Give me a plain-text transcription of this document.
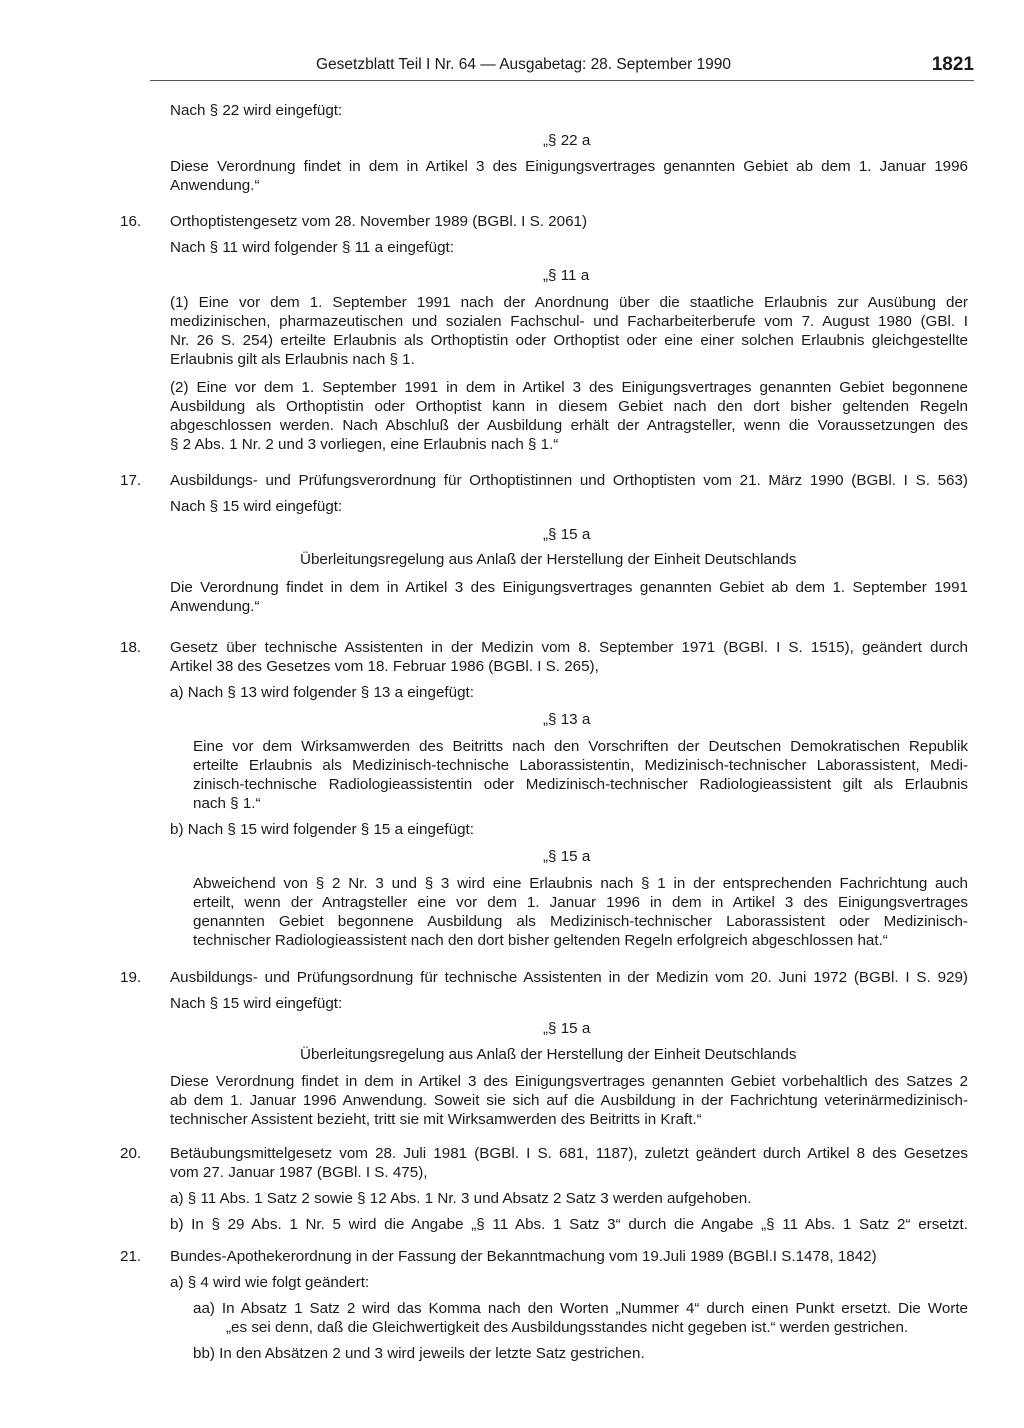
Gesetzblatt Teil I Nr. 64 — Ausgabetag: 28. September 1990	1821
Nach § 22 wird eingefügt:
„§ 22 a
Diese Verordnung findet in dem in Artikel 3 des Einigungsvertrages genannten Gebiet ab dem 1. Januar 1996
Anwendung.“
16. Orthoptistengesetz vom 28. November 1989 (BGBl. I S. 2061)
Nach § 11 wird folgender § 11 a eingefügt:
„§ 11 a
(1) Eine vor dem 1. September 1991 nach der Anordnung über die staatliche Erlaubnis zur Ausübung der
medizinischen, pharmazeutischen und sozialen Fachschul- und Facharbeiterberufe vom 7. August 1980 (GBl. I
Nr. 26 S. 254) erteilte Erlaubnis als Orthoptistin oder Orthoptist oder eine einer solchen Erlaubnis gleichgestellte
Erlaubnis gilt als Erlaubnis nach § 1.
(2) Eine vor dem 1. September 1991 in dem in Artikel 3 des Einigungsvertrages genannten Gebiet begonnene
Ausbildung als Orthoptistin oder Orthoptist kann in diesem Gebiet nach den dort bisher geltenden Regeln
abgeschlossen werden. Nach Abschluß der Ausbildung erhält der Antragsteller, wenn die Voraussetzungen des
§ 2 Abs. 1 Nr. 2 und 3 vorliegen, eine Erlaubnis nach § 1.“
17. Ausbildungs- und Prüfungsverordnung für Orthoptistinnen und Orthoptisten vom 21. März 1990 (BGBl. I S. 563)
Nach § 15 wird eingefügt:
„§ 15 a
Überleitungsregelung aus Anlaß der Herstellung der Einheit Deutschlands
Die Verordnung findet in dem in Artikel 3 des Einigungsvertrages genannten Gebiet ab dem 1. September 1991
Anwendung.“
18. Gesetz über technische Assistenten in der Medizin vom 8. September 1971 (BGBl. I S. 1515), geändert durch
Artikel 38 des Gesetzes vom 18. Februar 1986 (BGBl. I S. 265),
a) Nach § 13 wird folgender § 13 a eingefügt:
„§ 13 a
Eine vor dem Wirksamwerden des Beitritts nach den Vorschriften der Deutschen Demokratischen Republik
erteilte Erlaubnis als Medizinisch-technische Laborassistentin, Medizinisch-technischer Laborassistent, Medi-
zinisch-technische Radiologieassistentin oder Medizinisch-technischer Radiologieassistent gilt als Erlaubnis
nach § 1.“
b) Nach § 15 wird folgender § 15 a eingefügt:
„§ 15 a
Abweichend von § 2 Nr. 3 und § 3 wird eine Erlaubnis nach § 1 in der entsprechenden Fachrichtung auch
erteilt, wenn der Antragsteller eine vor dem 1. Januar 1996 in dem in Artikel 3 des Einigungsvertrages
genannten Gebiet begonnene Ausbildung als Medizinisch-technischer Laborassistent oder Medizinisch-
technischer Radiologieassistent nach den dort bisher geltenden Regeln erfolgreich abgeschlossen hat.“
19. Ausbildungs- und Prüfungsordnung für technische Assistenten in der Medizin vom 20. Juni 1972 (BGBl. I S. 929)
Nach § 15 wird eingefügt:
„§ 15 a
Überleitungsregelung aus Anlaß der Herstellung der Einheit Deutschlands
Diese Verordnung findet in dem in Artikel 3 des Einigungsvertrages genannten Gebiet vorbehaltlich des Satzes 2
ab dem 1. Januar 1996 Anwendung. Soweit sie sich auf die Ausbildung in der Fachrichtung veterinärmedizinisch-
technischer Assistent bezieht, tritt sie mit Wirksamwerden des Beitritts in Kraft.“
20. Betäubungsmittelgesetz vom 28. Juli 1981 (BGBl. I S. 681, 1187), zuletzt geändert durch Artikel 8 des Gesetzes
vom 27. Januar 1987 (BGBl. I S. 475),
a) § 11 Abs. 1 Satz 2 sowie § 12 Abs. 1 Nr. 3 und Absatz 2 Satz 3 werden aufgehoben.
b) In § 29 Abs. 1 Nr. 5 wird die Angabe „§ 11 Abs. 1 Satz 3“ durch die Angabe „§ 11 Abs. 1 Satz 2“ ersetzt.
21. Bundes-Apothekerordnung in der Fassung der Bekanntmachung vom 19.Juli 1989 (BGBl.I S.1478, 1842)
a) § 4 wird wie folgt geändert:
aa) In Absatz 1 Satz 2 wird das Komma nach den Worten „Nummer 4“ durch einen Punkt ersetzt. Die Worte
„es sei denn, daß die Gleichwertigkeit des Ausbildungsstandes nicht gegeben ist.“ werden gestrichen.
bb) In den Absätzen 2 und 3 wird jeweils der letzte Satz gestrichen.
